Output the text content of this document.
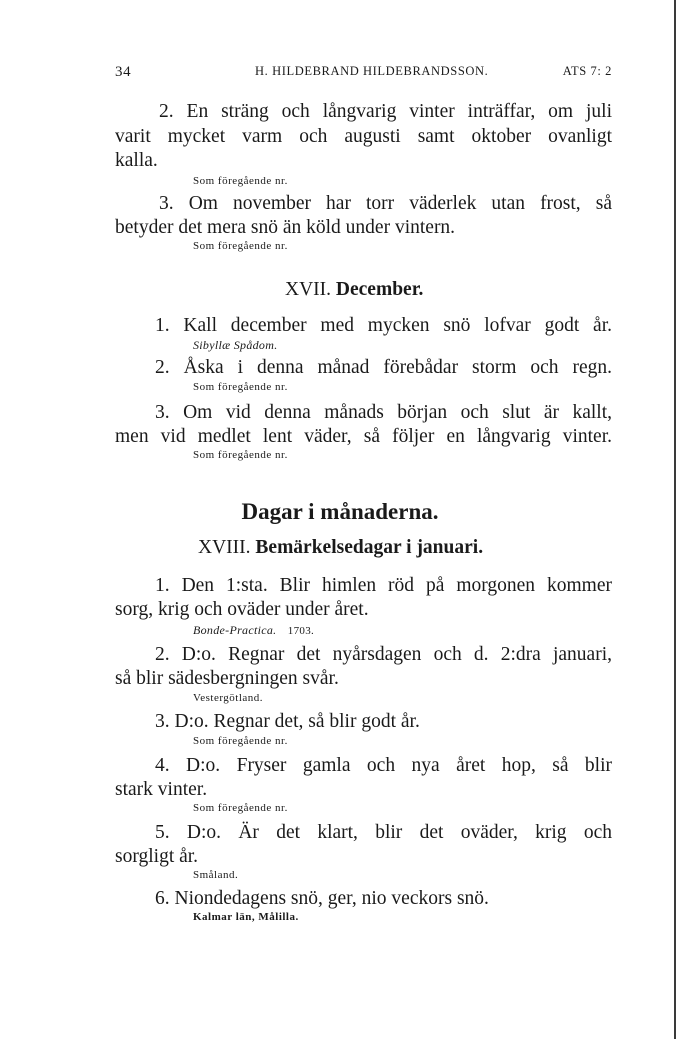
34	H. HILDEBRAND HILDEBRANDSSON.	ATS 7: 2
2. En sträng och långvarig vinter inträffar, om juli
varit mycket varm och augusti samt oktober ovanligt
kalla.
Som föregående nr.
3. Om november har torr väderlek utan frost, så
betyder det mera snö än köld under vintern.
Som föregående nr.
XVII. December.
1. Kall december med mycken snö lofvar godt år.
Sibyllæ Spådom.
2. Åska i denna månad förebådar storm och regn.
Som föregående nr.
3. Om vid denna månads början och slut är kallt,
men vid medlet lent väder, så följer en långvarig vinter.
Som föregående nr.
Dagar i månaderna.
XVIII. Bemärkelsedagar i januari.
1. Den 1:sta. Blir himlen röd på morgonen kommer
sorg, krig och oväder under året.
Bonde-Practica. 1703.
2. D:o. Regnar det nyårsdagen och d. 2:dra januari,
så blir sädesbergningen svår.
Vestergötland.
3. D:o. Regnar det, så blir godt år.
Som föregående nr.
4. D:o. Fryser gamla och nya året hop, så blir
stark vinter.
Som föregående nr.
5. D:o. Är det klart, blir det oväder, krig och
sorgligt år.
Småland.
6. Niondedagens snö, ger, nio veckors snö.
Kalmar län, Målilla.
